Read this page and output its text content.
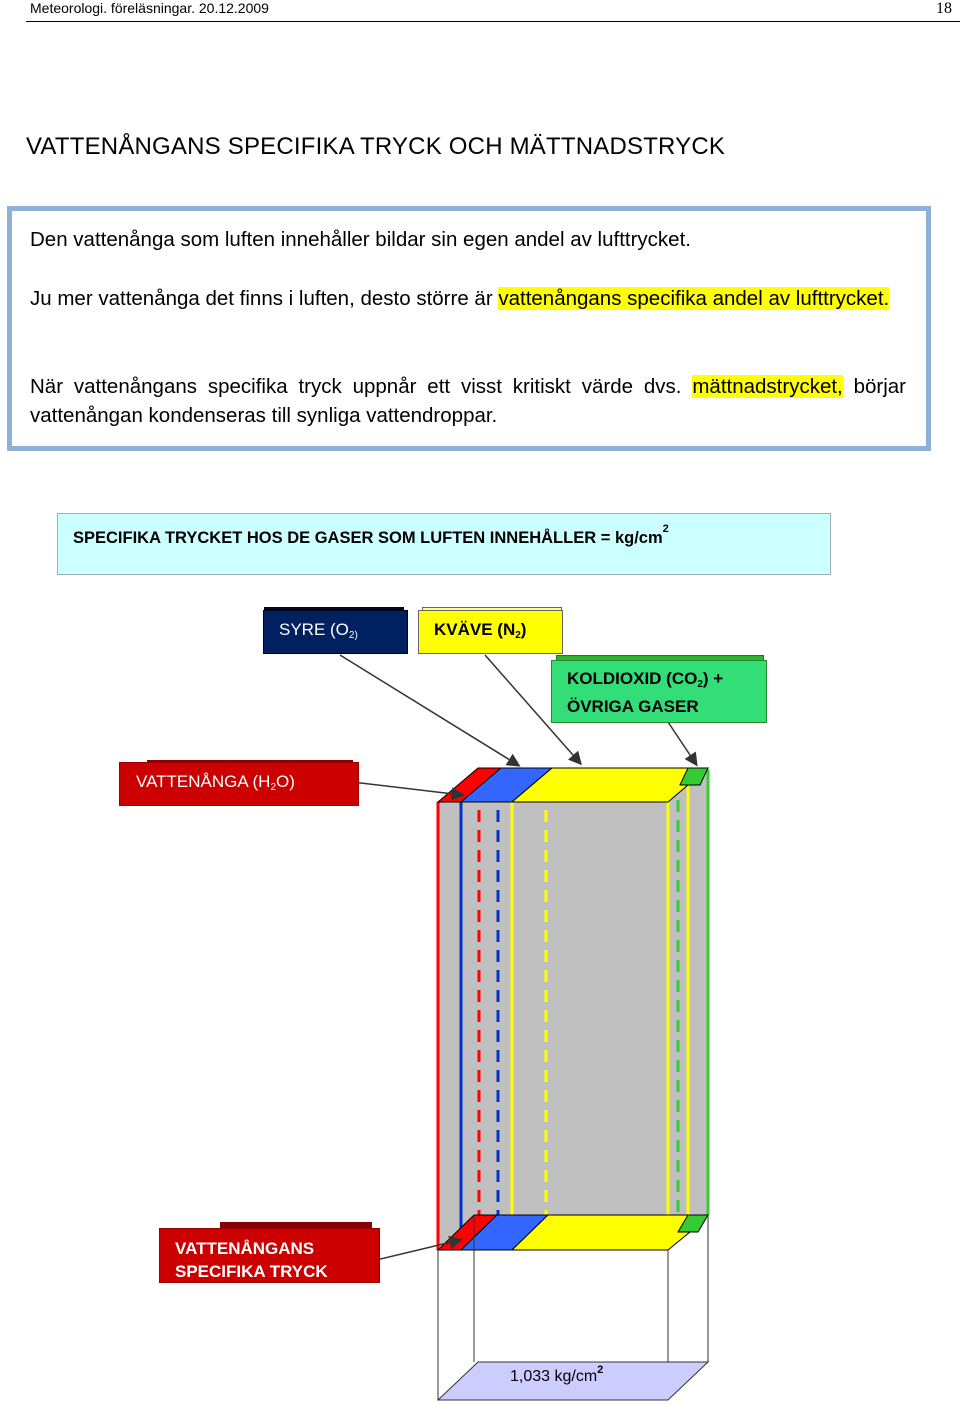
Meteorologi. föreläsningar. 20.12.2009	18
VATTENÅNGANS SPECIFIKA TRYCK OCH MÄTTNADSTRYCK

Den vattenånga som luften innehåller bildar sin egen andel av lufttrycket.

Ju mer vattenånga det finns i luften, desto större är vattenångans specifika andel av lufttrycket.

När vattenångans specifika tryck uppnår ett visst kritiskt värde dvs. mättnadstrycket, börjar vattenångan kondenseras till synliga vattendroppar.

SPECIFIKA TRYCKET HOS DE GASER SOM LUFTEN INNEHÅLLER = $kg/cm^2$
SYRE ($O_{2)}$	KVÄVE $(N_2)$
KOLDIOXID $(CO_2)$ +
ÖVRIGA GASER
VATTENÅNGA $(H_2O)$
VATTENÅNGANS
SPECIFIKA TRYCK
1,033 $kg/cm^2$
